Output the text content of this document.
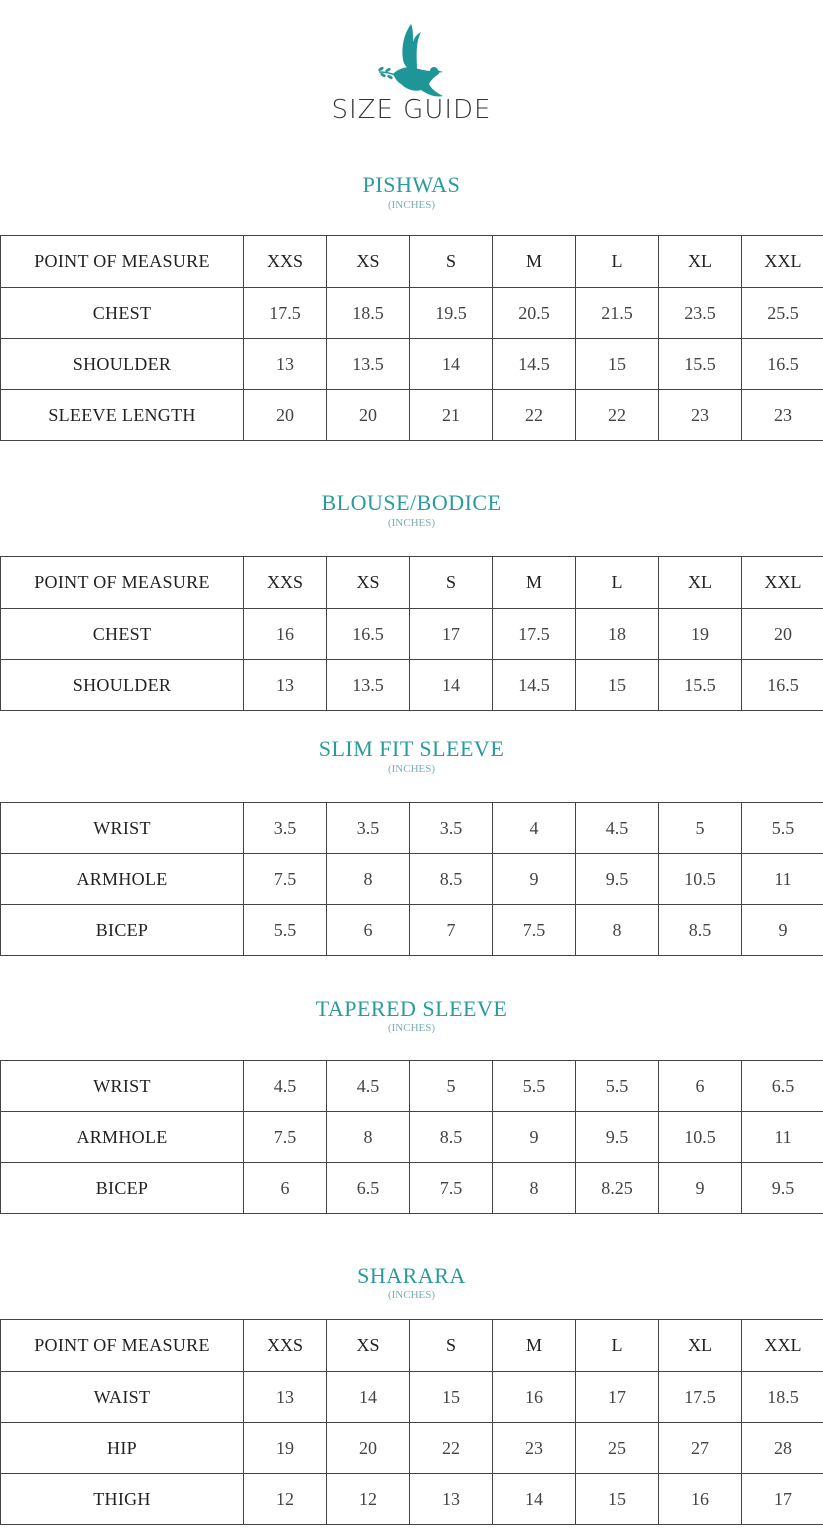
SIZE GUIDE
PISHWAS
(INCHES)
POINT OF MEASURE	XXS	XS	S	M	L	XL	XXL
CHEST	17.5	18.5	19.5	20.5	21.5	23.5	25.5
SHOULDER	13	13.5	14	14.5	15	15.5	16.5
SLEEVE LENGTH	20	20	21	22	22	23	23
BLOUSE/BODICE
(INCHES)
POINT OF MEASURE	XXS	XS	S	M	L	XL	XXL
CHEST	16	16.5	17	17.5	18	19	20
SHOULDER	13	13.5	14	14.5	15	15.5	16.5
SLIM FIT SLEEVE
(INCHES)
WRIST	3.5	3.5	3.5	4	4.5	5	5.5
ARMHOLE	7.5	8	8.5	9	9.5	10.5	11
BICEP	5.5	6	7	7.5	8	8.5	9
TAPERED SLEEVE
(INCHES)
WRIST	4.5	4.5	5	5.5	5.5	6	6.5
ARMHOLE	7.5	8	8.5	9	9.5	10.5	11
BICEP	6	6.5	7.5	8	8.25	9	9.5
SHARARA
(INCHES)
POINT OF MEASURE	XXS	XS	S	M	L	XL	XXL
WAIST	13	14	15	16	17	17.5	18.5
HIP	19	20	22	23	25	27	28
THIGH	12	12	13	14	15	16	17
